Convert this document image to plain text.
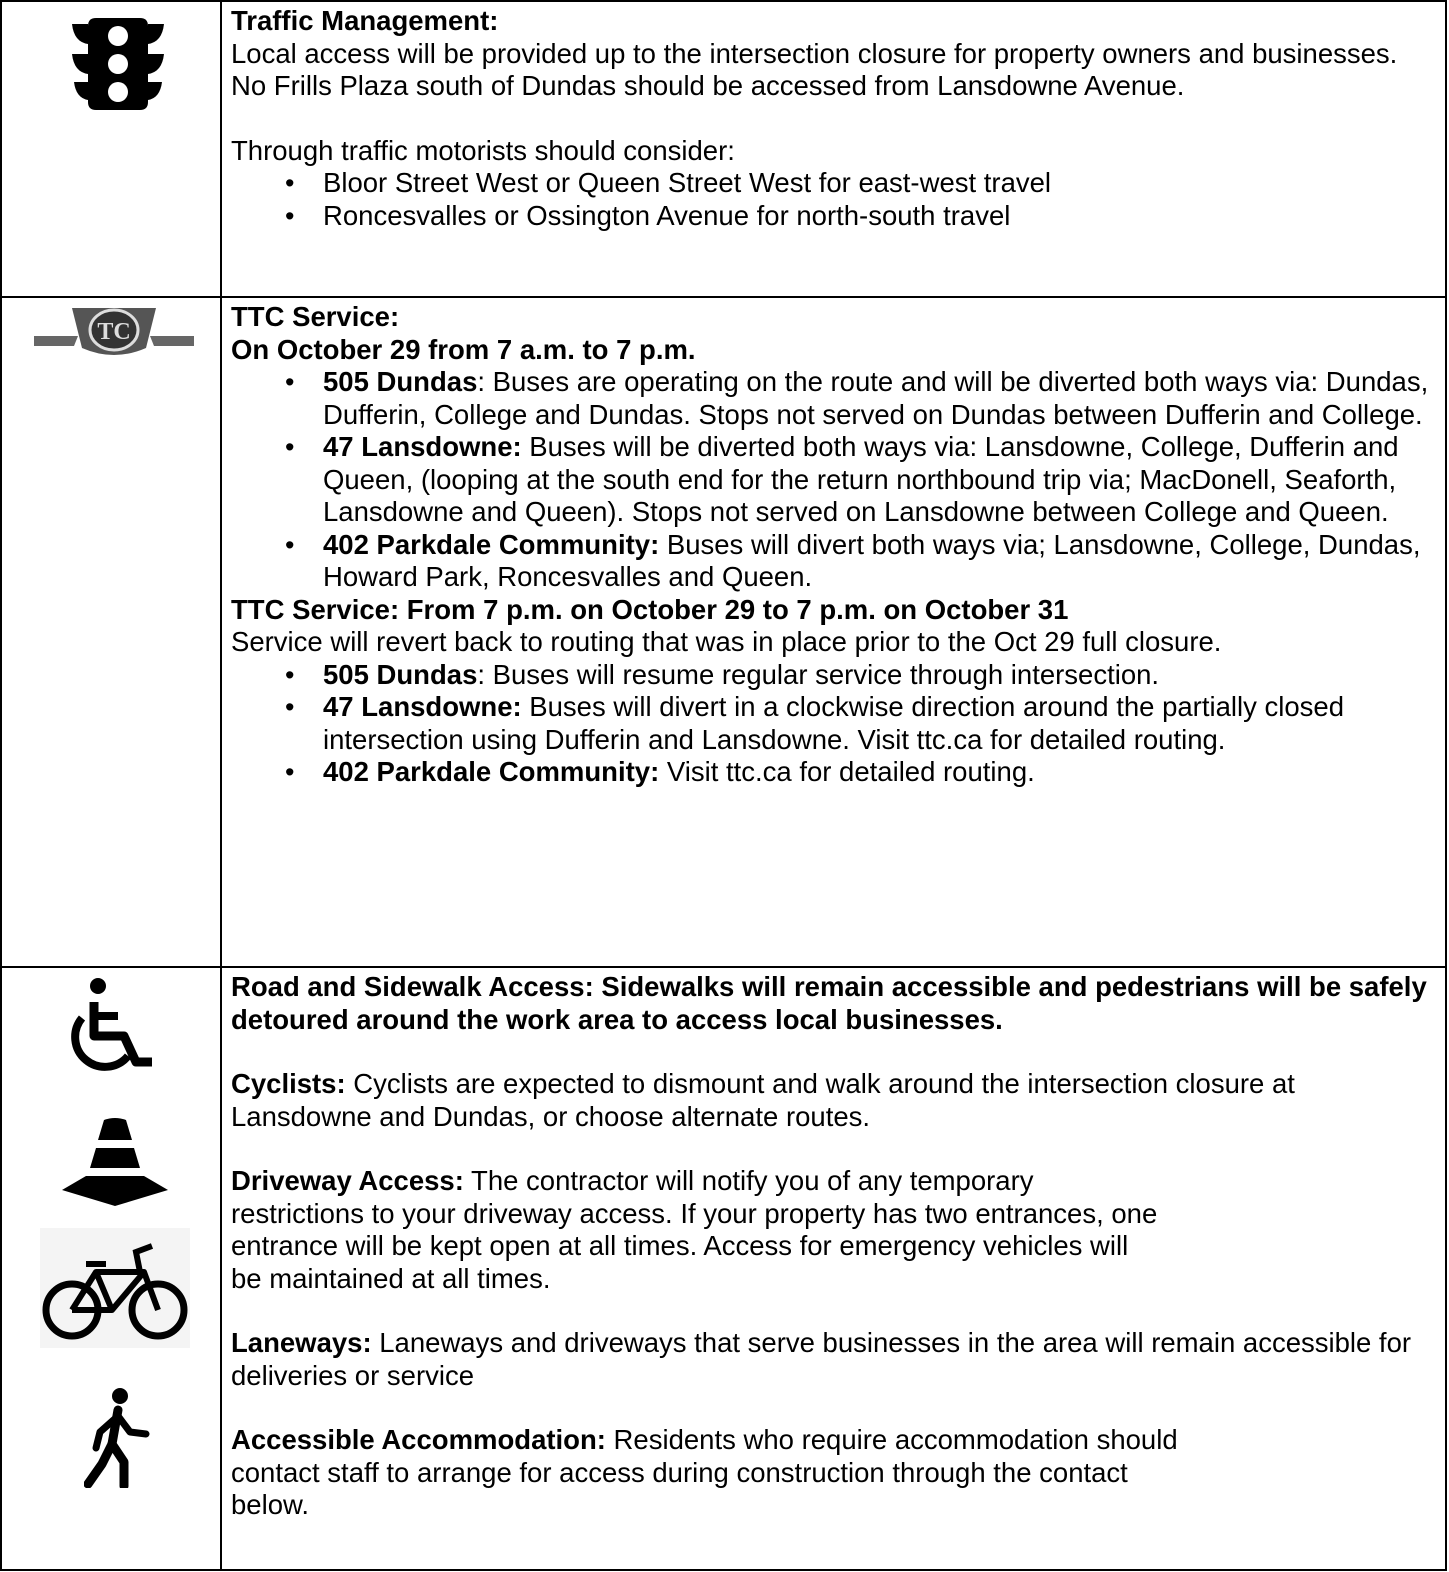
Traffic Management:

Local access will be provided up to the intersection closure for property owners and businesses. No Frills Plaza south of Dundas should be accessed from Lansdowne Avenue.

Through traffic motorists should consider:

• Bloor Street West or Queen Street West for east-west travel
• Roncesvalles or Ossington Avenue for north-south travel
TC	TTC Service:

On October 29 from 7 a.m. to 7 p.m.

• 505 Dundas: Buses are operating on the route and will be diverted both ways via: Dundas, Dufferin, College and Dundas. Stops not served on Dundas between Dufferin and College.
• 47 Lansdowne: Buses will be diverted both ways via: Lansdowne, College, Dufferin and Queen, (looping at the south end for the return northbound trip via; MacDonell, Seaforth, Lansdowne and Queen). Stops not served on Lansdowne between College and Queen.
• 402 Parkdale Community: Buses will divert both ways via; Lansdowne, College, Dundas, Howard Park, Roncesvalles and Queen.

TTC Service: From 7 p.m. on October 29 to 7 p.m. on October 31

Service will revert back to routing that was in place prior to the Oct 29 full closure.

• 505 Dundas: Buses will resume regular service through intersection.
• 47 Lansdowne: Buses will divert in a clockwise direction around the partially closed intersection using Dufferin and Lansdowne. Visit ttc.ca for detailed routing.
• 402 Parkdale Community: Visit ttc.ca for detailed routing.

Road and Sidewalk Access: Sidewalks will remain accessible and pedestrians will be safely detoured around the work area to access local businesses.

Cyclists: Cyclists are expected to dismount and walk around the intersection closure at Lansdowne and Dundas, or choose alternate routes.

Driveway Access: The contractor will notify you of any temporary
restrictions to your driveway access. If your property has two entrances, one
entrance will be kept open at all times. Access for emergency vehicles will
be maintained at all times.

Laneways: Laneways and driveways that serve businesses in the area will remain accessible for deliveries or service

Accessible Accommodation: Residents who require accommodation should
contact staff to arrange for access during construction through the contact
below.
